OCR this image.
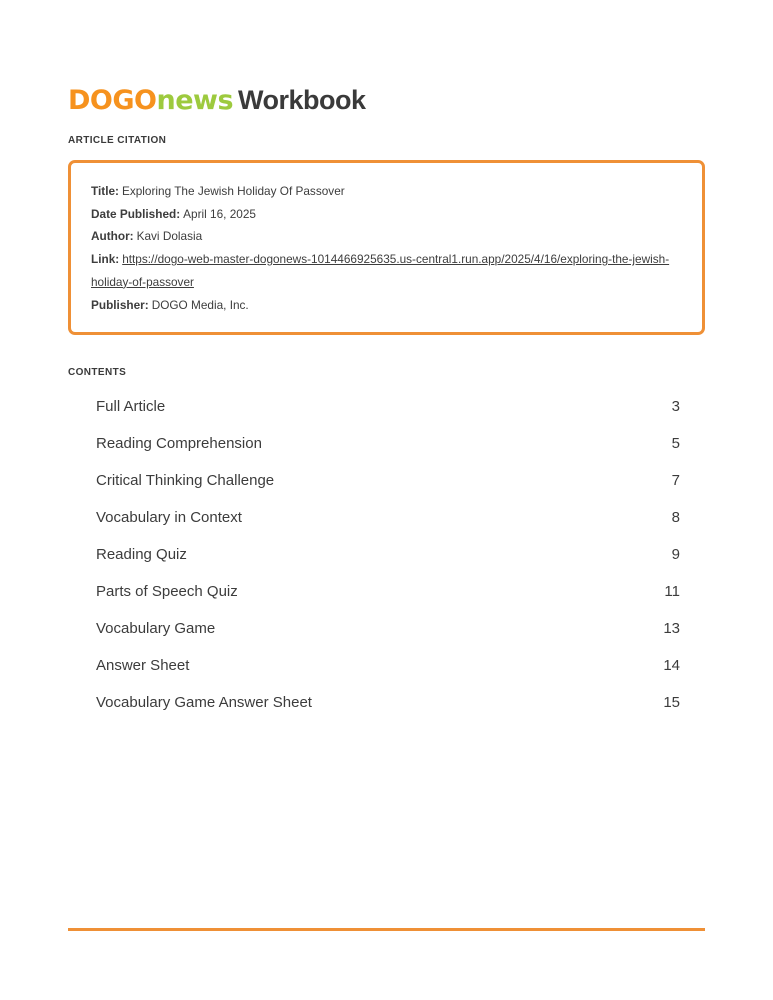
DOGOnews Workbook
ARTICLE CITATION

Title: Exploring The Jewish Holiday Of Passover

Date Published: April 16, 2025

Author: Kavi Dolasia

Link: https://dogo-web-master-dogonews-1014466925635.us-central1.run.app/2025/4/16/exploring-the-jewish-holiday-of-passover

Publisher: DOGO Media, Inc.

CONTENTS
Full Article	3
Reading Comprehension	5
Critical Thinking Challenge	7
Vocabulary in Context	8
Reading Quiz	9
Parts of Speech Quiz	11
Vocabulary Game	13
Answer Sheet	14
Vocabulary Game Answer Sheet	15
